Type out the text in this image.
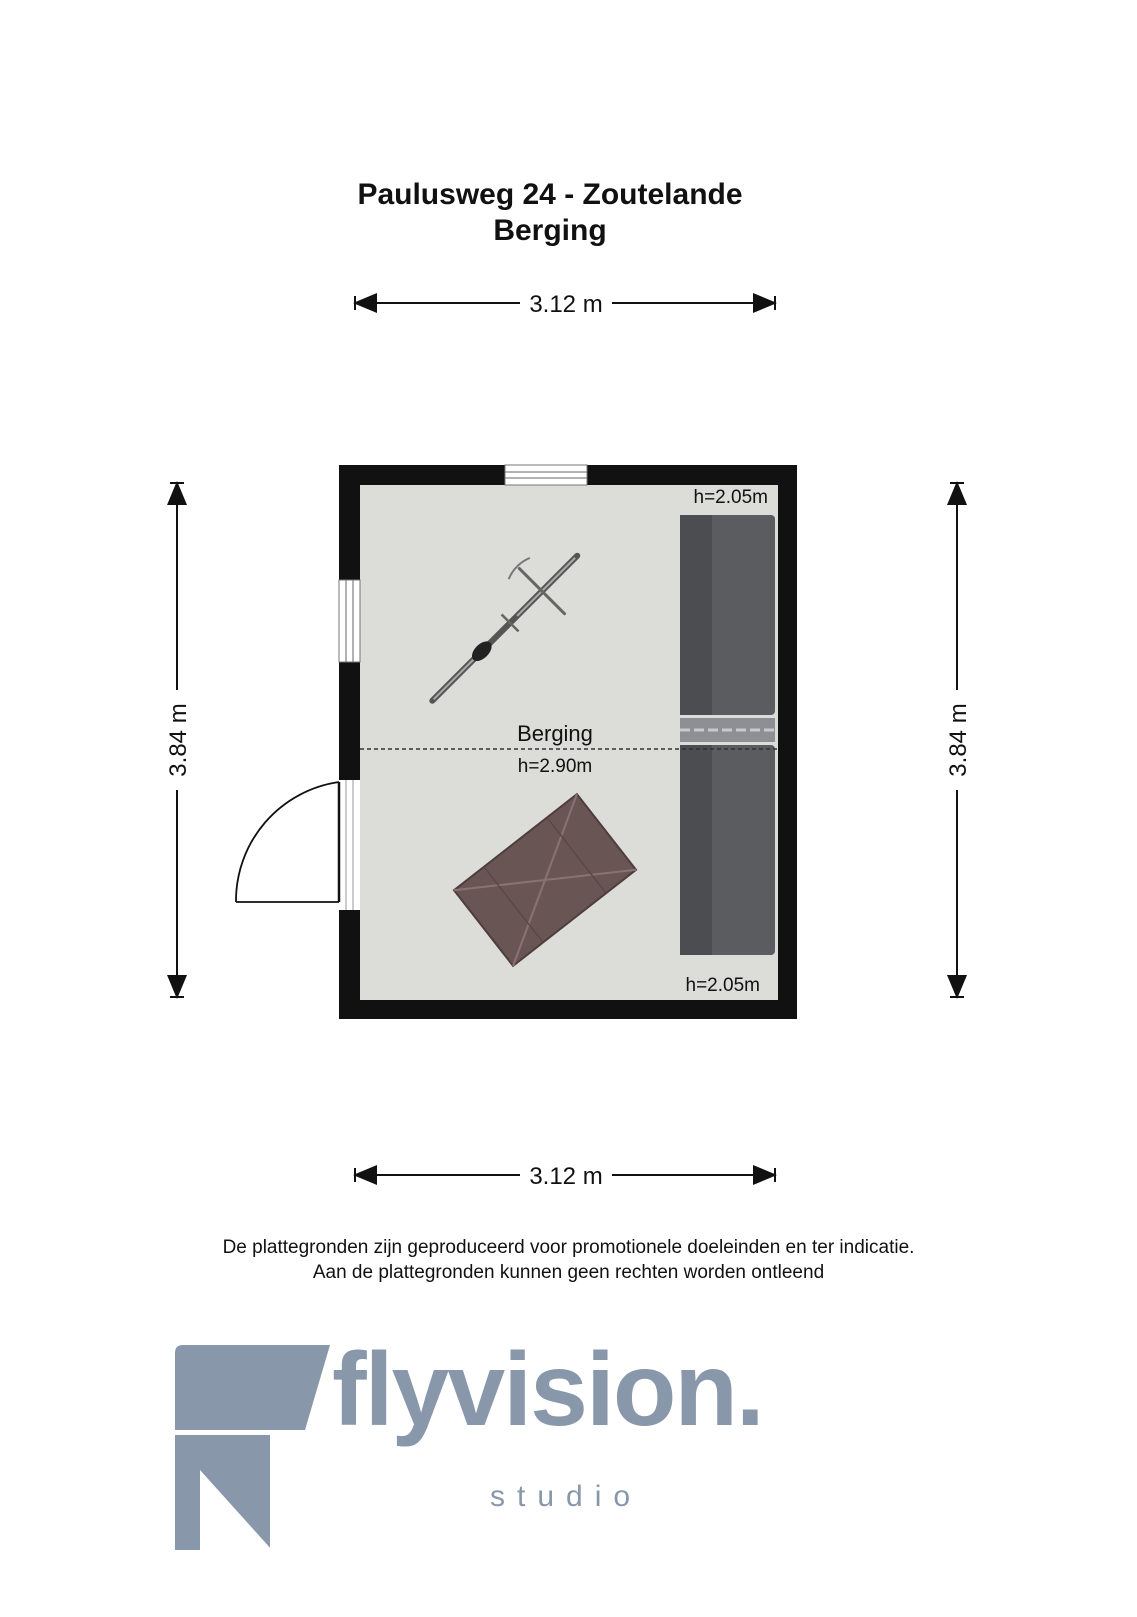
Paulusweg 24 - Zoutelande
Berging
3.12 m
3.12 m
3.84 m	3.84 m
Berging
h=2.90m
h=2.05m
h=2.05m
De plattegronden zijn geproduceerd voor promotionele doeleinden en ter indicatie.
Aan de plattegronden kunnen geen rechten worden ontleend
flyvision.
studio
